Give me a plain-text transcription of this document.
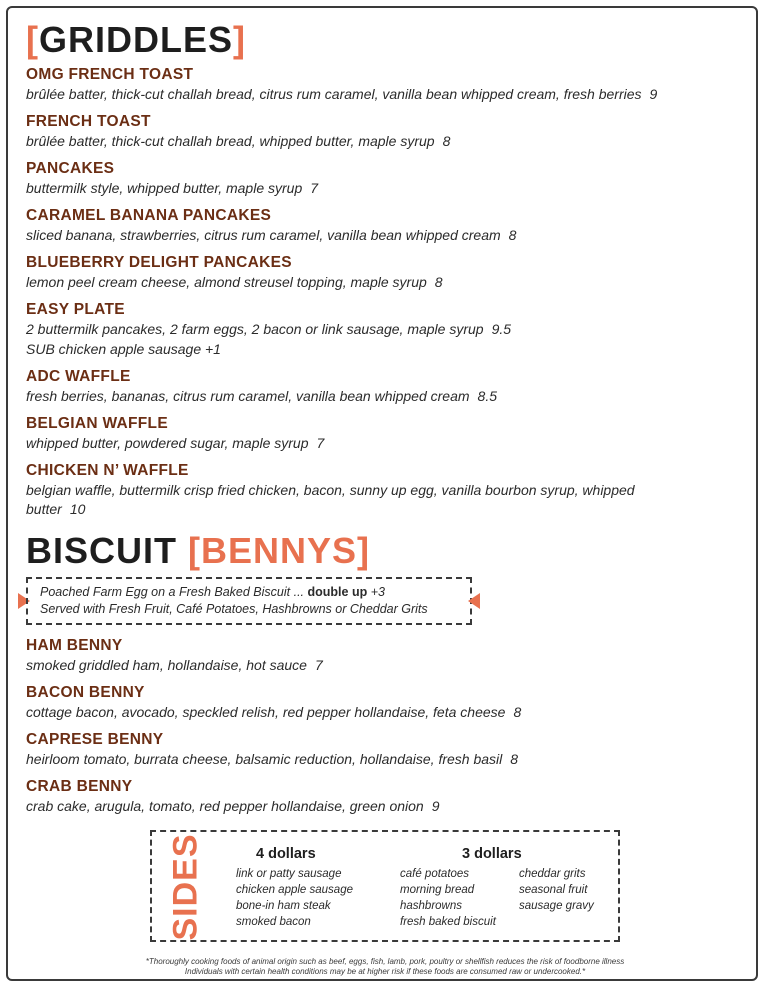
[GRIDDLES]
OMG FRENCH TOAST
brûlée batter, thick-cut challah bread, citrus rum caramel, vanilla bean whipped cream, fresh berries 9
FRENCH TOAST
brûlée batter, thick-cut challah bread, whipped butter, maple syrup 8
PANCAKES
buttermilk style, whipped butter, maple syrup 7
CARAMEL BANANA PANCAKES
sliced banana, strawberries, citrus rum caramel, vanilla bean whipped cream 8
BLUEBERRY DELIGHT PANCAKES
lemon peel cream cheese, almond streusel topping, maple syrup 8
EASY PLATE
2 buttermilk pancakes, 2 farm eggs, 2 bacon or link sausage, maple syrup 9.5
SUB chicken apple sausage +1
ADC WAFFLE
fresh berries, bananas, citrus rum caramel, vanilla bean whipped cream 8.5
BELGIAN WAFFLE
whipped butter, powdered sugar, maple syrup 7
CHICKEN N’ WAFFLE
belgian waffle, buttermilk crisp fried chicken, bacon, sunny up egg, vanilla bourbon syrup, whipped butter 10
BISCUIT [BENNYS]
Poached Farm Egg on a Fresh Baked Biscuit ... double up +3
Served with Fresh Fruit, Café Potatoes, Hashbrowns or Cheddar Grits
HAM BENNY
smoked griddled ham, hollandaise, hot sauce 7
BACON BENNY
cottage bacon, avocado, speckled relish, red pepper hollandaise, feta cheese 8
CAPRESE BENNY
heirloom tomato, burrata cheese, balsamic reduction, hollandaise, fresh basil 8
CRAB BENNY
crab cake, arugula, tomato, red pepper hollandaise, green onion 9
SIDES	4 dollars
link or patty sausage
chicken apple sausage
bone-in ham steak
smoked bacon
3 dollars
café potatoes
morning bread
hashbrowns
fresh baked biscuit
cheddar grits
seasonal fruit
sausage gravy
*Thoroughly cooking foods of animal origin such as beef, eggs, fish, lamb, pork, poultry or shellfish reduces the risk of foodborne illness
Individuals with certain health conditions may be at higher risk if these foods are consumed raw or undercooked.*
